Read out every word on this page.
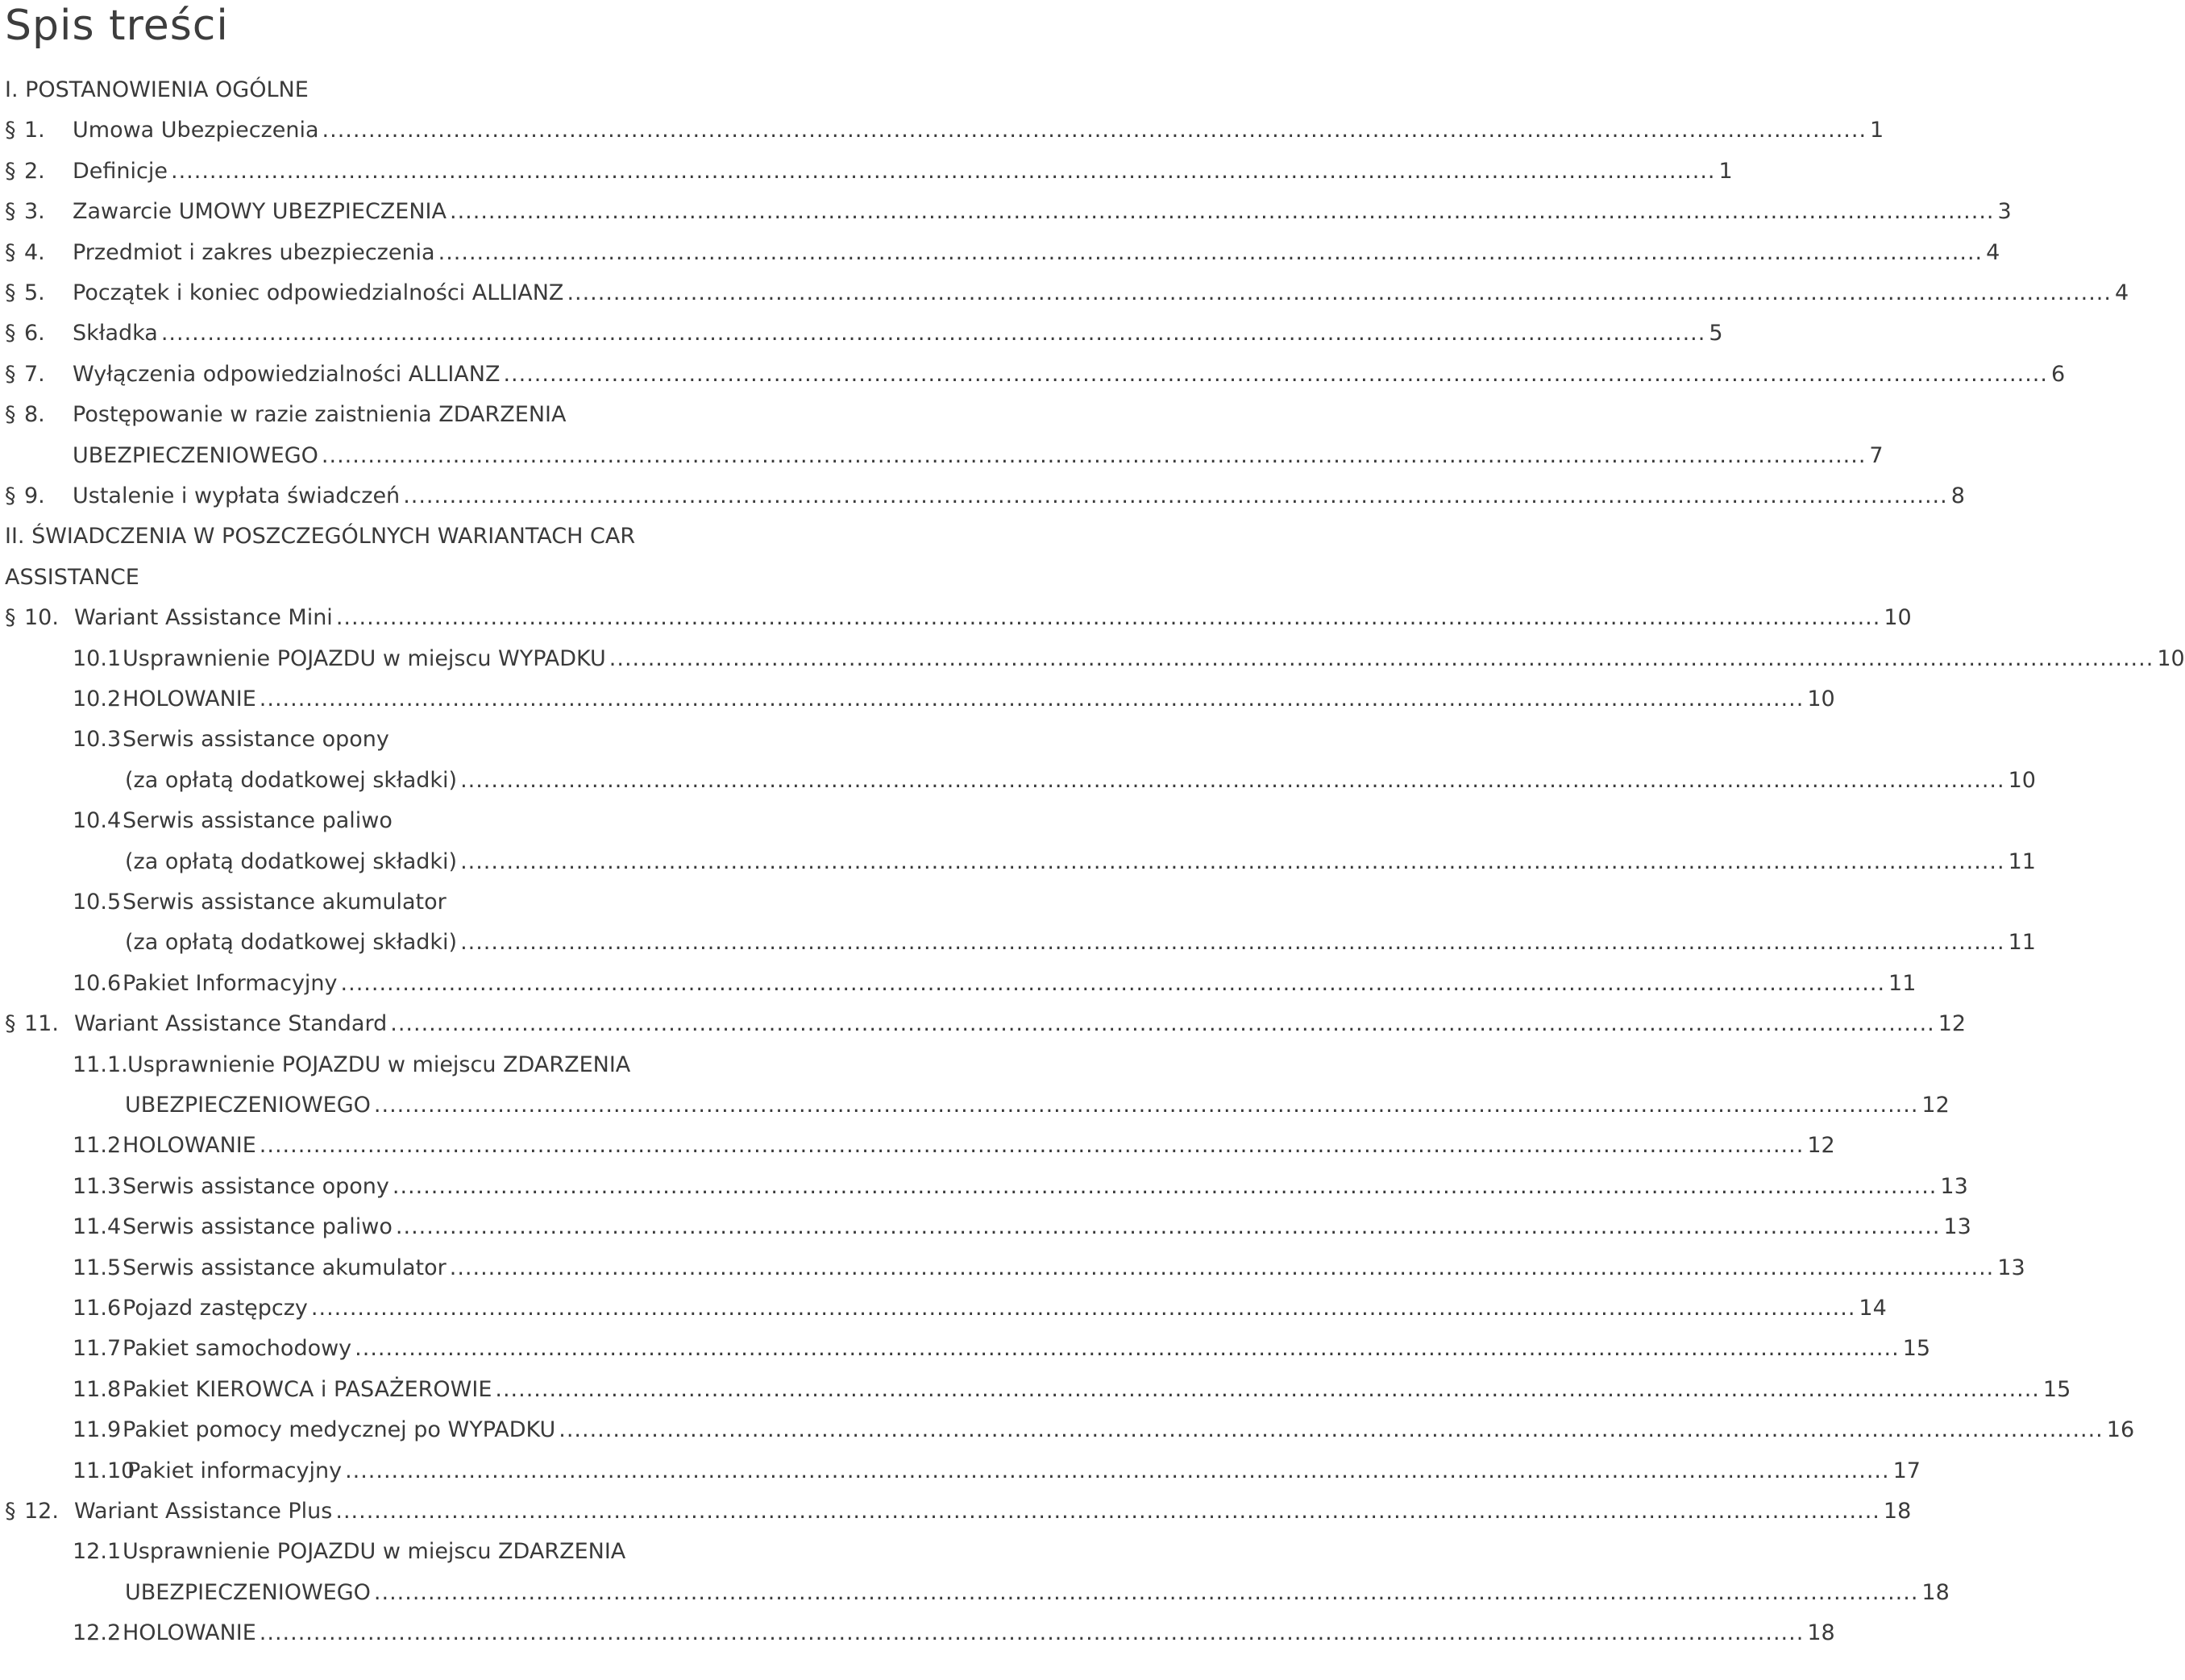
Spis treści
I. POSTANOWIENIA OGÓLNE
§ 1. Umowa Ubezpieczenia ........................................................................................................................................................................................................ 1
§ 2. Definicje ........................................................................................................................................................................................................ 1
§ 3. Zawarcie UMOWY UBEZPIECZENIA ........................................................................................................................................................................................................ 3
§ 4. Przedmiot i zakres ubezpieczenia ........................................................................................................................................................................................................ 4
§ 5. Początek i koniec odpowiedzialności ALLIANZ ........................................................................................................................................................................................................ 4
§ 6. Składka ........................................................................................................................................................................................................ 5
§ 7. Wyłączenia odpowiedzialności ALLIANZ ........................................................................................................................................................................................................ 6
§ 8. Postępowanie w razie zaistnienia ZDARZENIA
UBEZPIECZENIOWEGO ........................................................................................................................................................................................................ 7
§ 9. Ustalenie i wypłata świadczeń ........................................................................................................................................................................................................ 8
II. ŚWIADCZENIA W POSZCZEGÓLNYCH WARIANTACH CAR
ASSISTANCE
§ 10. Wariant Assistance Mini ........................................................................................................................................................................................................ 10
10.1 Usprawnienie POJAZDU w miejscu WYPADKU ........................................................................................................................................................................................................ 10
10.2 HOLOWANIE ........................................................................................................................................................................................................ 10
10.3 Serwis assistance opony
(za opłatą dodatkowej składki) ........................................................................................................................................................................................................ 10
10.4 Serwis assistance paliwo
(za opłatą dodatkowej składki) ........................................................................................................................................................................................................ 11
10.5 Serwis assistance akumulator
(za opłatą dodatkowej składki) ........................................................................................................................................................................................................ 11
10.6 Pakiet Informacyjny ........................................................................................................................................................................................................ 11
§ 11. Wariant Assistance Standard ........................................................................................................................................................................................................ 12
11.1. Usprawnienie POJAZDU w miejscu ZDARZENIA
UBEZPIECZENIOWEGO ........................................................................................................................................................................................................ 12
11.2 HOLOWANIE ........................................................................................................................................................................................................ 12
11.3 Serwis assistance opony ........................................................................................................................................................................................................ 13
11.4 Serwis assistance paliwo ........................................................................................................................................................................................................ 13
11.5 Serwis assistance akumulator ........................................................................................................................................................................................................ 13
11.6 Pojazd zastępczy ........................................................................................................................................................................................................ 14
11.7 Pakiet samochodowy ........................................................................................................................................................................................................ 15
11.8 Pakiet KIEROWCA i PASAŻEROWIE ........................................................................................................................................................................................................ 15
11.9 Pakiet pomocy medycznej po WYPADKU ........................................................................................................................................................................................................ 16
11.10
Pakiet informacyjny ........................................................................................................................................................................................................ 17
§ 12. Wariant Assistance Plus ........................................................................................................................................................................................................ 18
12.1 Usprawnienie POJAZDU w miejscu ZDARZENIA
UBEZPIECZENIOWEGO ........................................................................................................................................................................................................ 18
12.2 HOLOWANIE ........................................................................................................................................................................................................ 18
